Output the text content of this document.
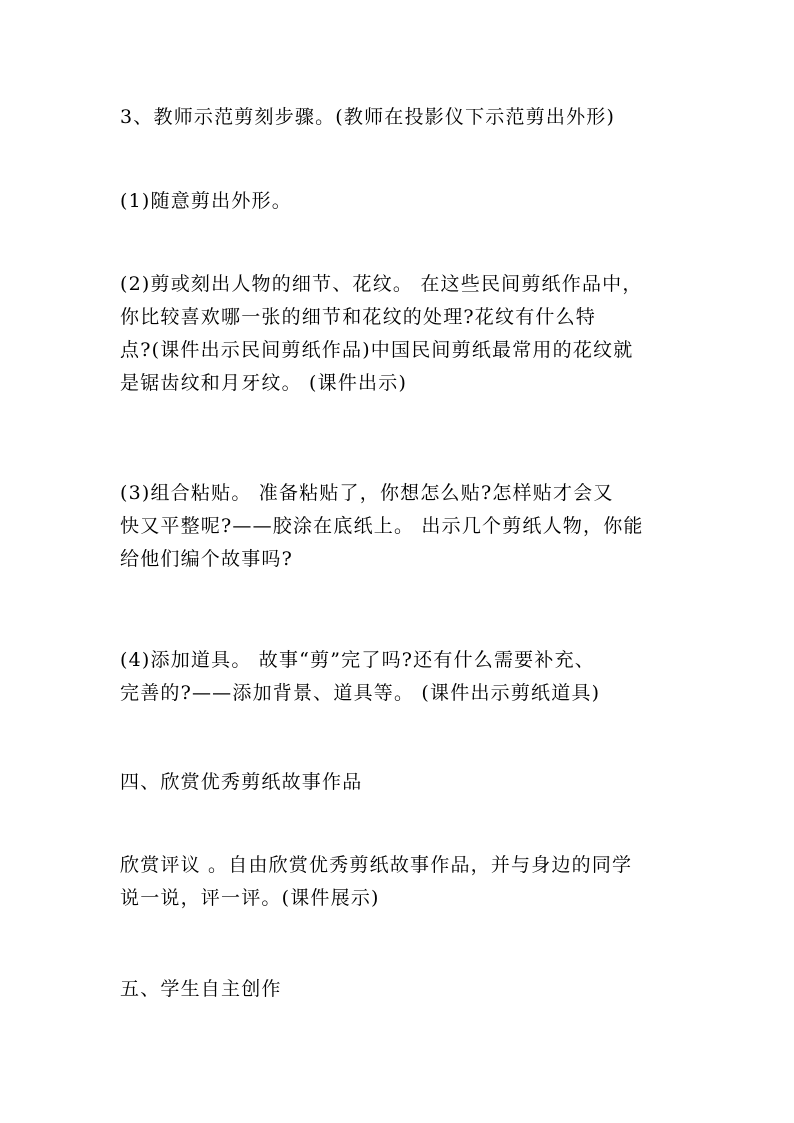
3、教师示范剪刻步骤。(教师在投影仪下示范剪出外形)
(1)随意剪出外形。
(2)剪或刻出人物的细节、花纹。 在这些民间剪纸作品中，
你比较喜欢哪一张的细节和花纹的处理?花纹有什么特
点?(课件出示民间剪纸作品)中国民间剪纸最常用的花纹就
是锯齿纹和月牙纹。 (课件出示)
(3)组合粘贴。 准备粘贴了，你想怎么贴?怎样贴才会又
快又平整呢?——胶涂在底纸上。 出示几个剪纸人物，你能
给他们编个故事吗?
(4)添加道具。 故事“剪”完了吗?还有什么需要补充、
完善的?——添加背景、道具等。 (课件出示剪纸道具)
四、欣赏优秀剪纸故事作品
欣赏评议 。自由欣赏优秀剪纸故事作品，并与身边的同学
说一说，评一评。(课件展示)
五、学生自主创作
